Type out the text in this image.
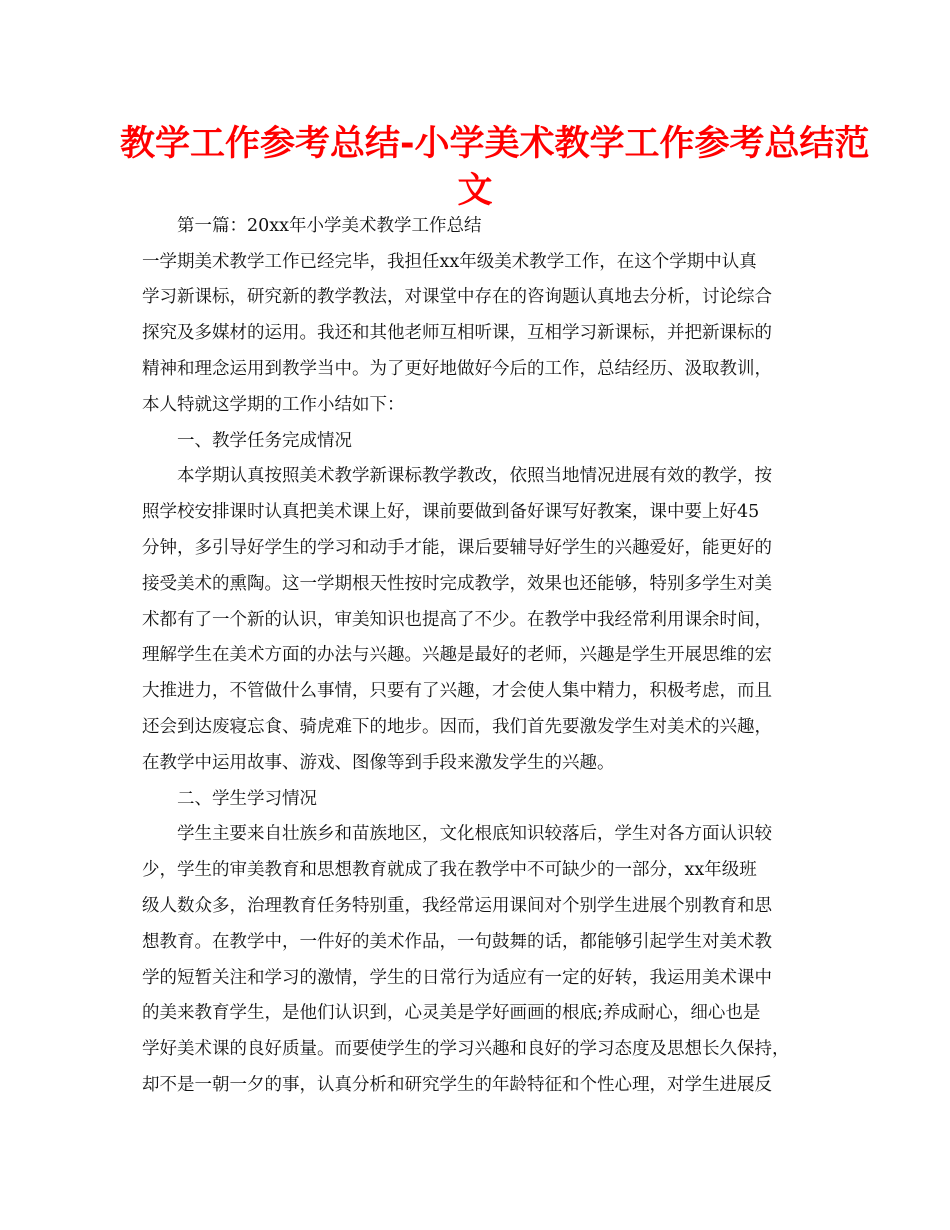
教学工作参考总结-小学美术教学工作参考总结范
文

第一篇：20xx年小学美术教学工作总结

一学期美术教学工作已经完毕，我担任xx年级美术教学工作，在这个学期中认真

学习新课标，研究新的教学教法，对课堂中存在的咨询题认真地去分析，讨论综合

探究及多媒材的运用。我还和其他老师互相听课，互相学习新课标，并把新课标的

精神和理念运用到教学当中。为了更好地做好今后的工作，总结经历、汲取教训，

本人特就这学期的工作小结如下：

一、教学任务完成情况

本学期认真按照美术教学新课标教学教改，依照当地情况进展有效的教学，按

照学校安排课时认真把美术课上好，课前要做到备好课写好教案，课中要上好45

分钟，多引导好学生的学习和动手才能，课后要辅导好学生的兴趣爱好，能更好的

接受美术的熏陶。这一学期根天性按时完成教学，效果也还能够，特别多学生对美

术都有了一个新的认识，审美知识也提高了不少。在教学中我经常利用课余时间，

理解学生在美术方面的办法与兴趣。兴趣是最好的老师，兴趣是学生开展思维的宏

大推进力，不管做什么事情，只要有了兴趣，才会使人集中精力，积极考虑，而且

还会到达废寝忘食、骑虎难下的地步。因而，我们首先要激发学生对美术的兴趣，

在教学中运用故事、游戏、图像等到手段来激发学生的兴趣。

二、学生学习情况

学生主要来自壮族乡和苗族地区，文化根底知识较落后，学生对各方面认识较

少，学生的审美教育和思想教育就成了我在教学中不可缺少的一部分，xx年级班

级人数众多，治理教育任务特别重，我经常运用课间对个别学生进展个别教育和思

想教育。在教学中，一件好的美术作品，一句鼓舞的话，都能够引起学生对美术教

学的短暂关注和学习的激情，学生的日常行为适应有一定的好转，我运用美术课中

的美来教育学生，是他们认识到，心灵美是学好画画的根底;养成耐心，细心也是

学好美术课的良好质量。而要使学生的学习兴趣和良好的学习态度及思想长久保持，

却不是一朝一夕的事，认真分析和研究学生的年龄特征和个性心理，对学生进展反
